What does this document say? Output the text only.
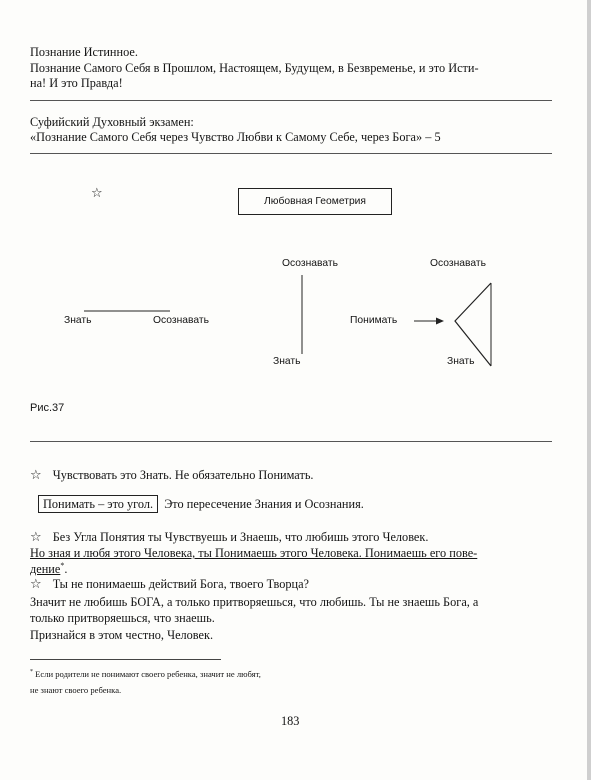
Познание Истинное.
Познание Самого Себя в Прошлом, Настоящем, Будущем, в Безвременье, и это Исти-
на! И это Правда!
Суфийский Духовный экзамен:
«Познание Самого Себя через Чувство Любви к Самому Себе, через Бога» – 5
☆
Любовная Геометрия
Знать	Осознавать
Осознавать
Знать
Осознавать
Понимать
Знать
Рис.37
☆ Чувствовать это Знать. Не обязательно Понимать.
Понимать – это угол. Это пересечение Знания и Осознания.
☆ Без Угла Понятия ты Чувствуешь и Знаешь, что любишь этого Человек.
Но зная и любя этого Человека, ты Понимаешь этого Человека. Понимаешь его пове-
дение*.
☆ Ты не понимаешь действий Бога, твоего Творца?
Значит не любишь БОГА, а только притворяешься, что любишь. Ты не знаешь Бога, а
только притворяешься, что знаешь.
Признайся в этом честно, Человек.
* Если родители не понимают своего ребенка, значит не любят,
не знают своего ребенка.
183
